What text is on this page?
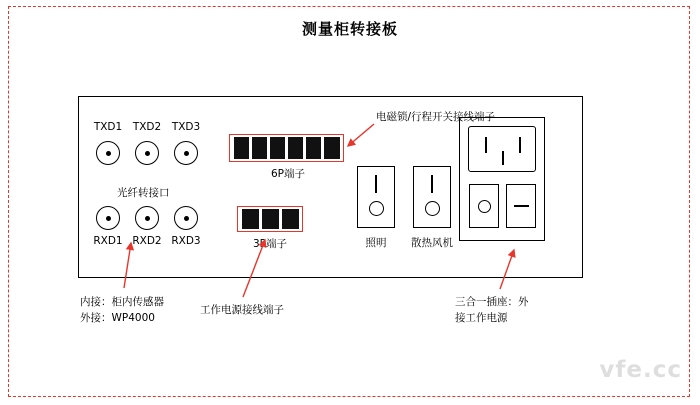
测量柜转接板
TXD1	TXD2	TXD3
光纤转接口
RXD1 RXD2 RXD3
6P端子
3P端子	照明	散热风机
电磁锁/行程开关接线端子
内接：柜内传感器
外接：WP4000
工作电源接线端子
三合一插座：外
接工作电源
vfe.cc
